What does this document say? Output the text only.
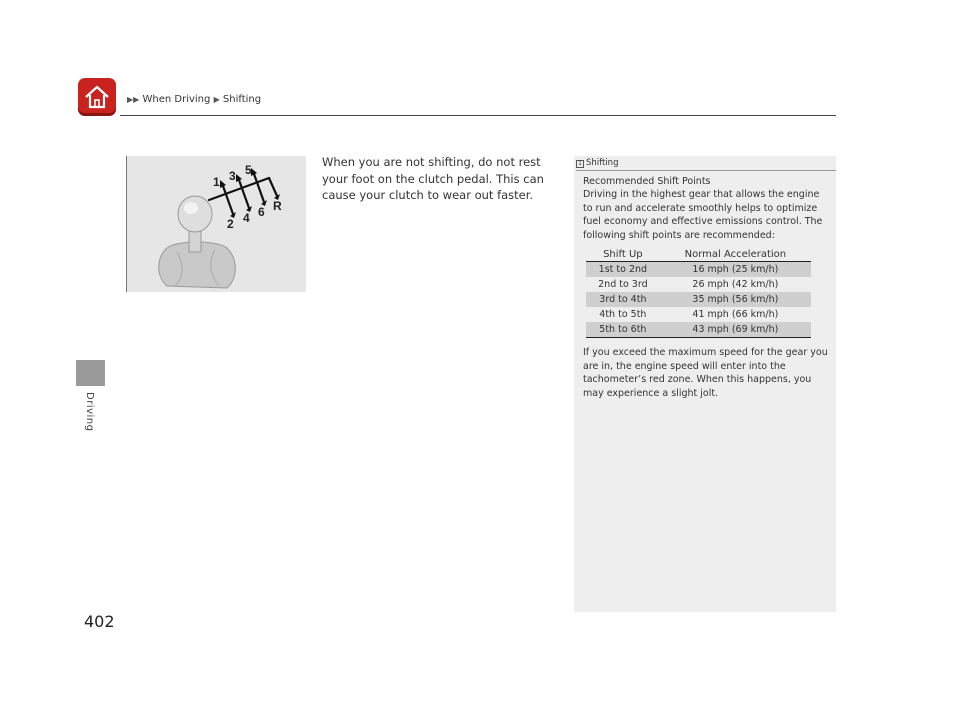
▶▶ When Driving ▶ Shifting
Driving
402
1 3 5
2 4 6 R
When you are not shifting, do not rest your foot on the clutch pedal. This can cause your clutch to wear out faster.
1 Shifting
Recommended Shift Points
Driving in the highest gear that allows the engine to run and accelerate smoothly helps to optimize fuel economy and effective emissions control. The following shift points are recommended:
Shift Up	Normal Acceleration
1st to 2nd	16 mph (25 km/h)
2nd to 3rd	26 mph (42 km/h)
3rd to 4th	35 mph (56 km/h)
4th to 5th	41 mph (66 km/h)
5th to 6th	43 mph (69 km/h)
If you exceed the maximum speed for the gear you are in, the engine speed will enter into the tachometer’s red zone. When this happens, you may experience a slight jolt.
